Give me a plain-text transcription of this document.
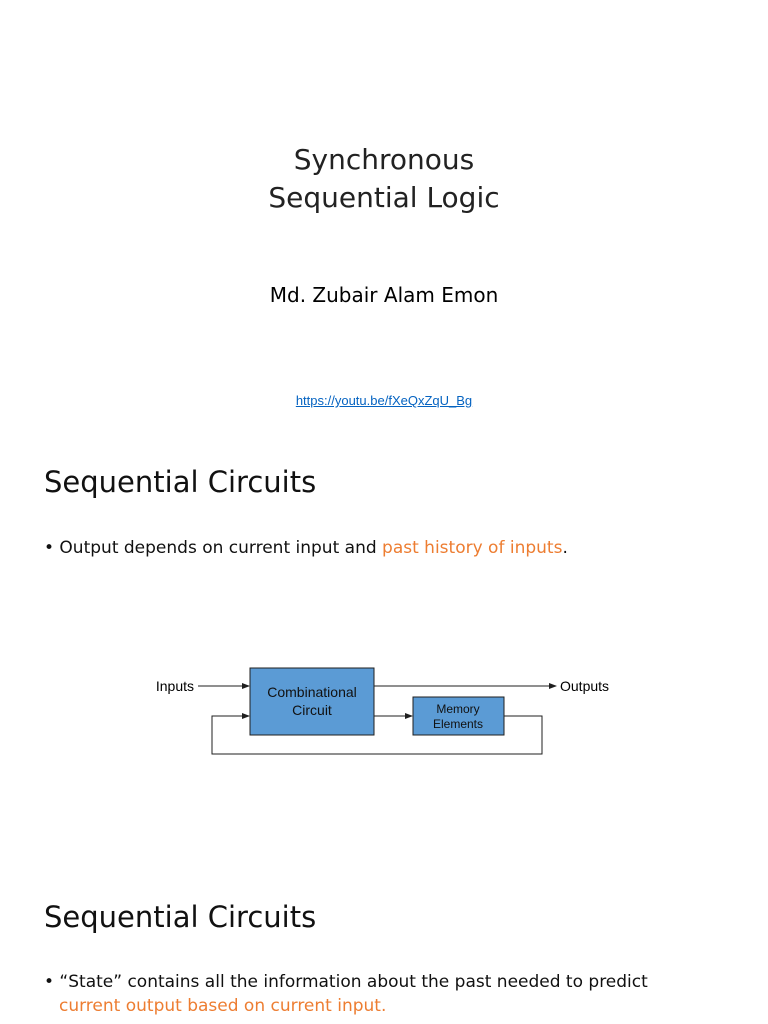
Synchronous
Sequential Logic
Md. Zubair Alam Emon
https://youtu.be/fXeQxZqU_Bg
Sequential Circuits
• Output depends on current input and past history of inputs.
Inputs	Combinational
Circuit
Outputs
Memory
Elements
Sequential Circuits
• “State” contains all the information about the past needed to predict
current output based on current input.
